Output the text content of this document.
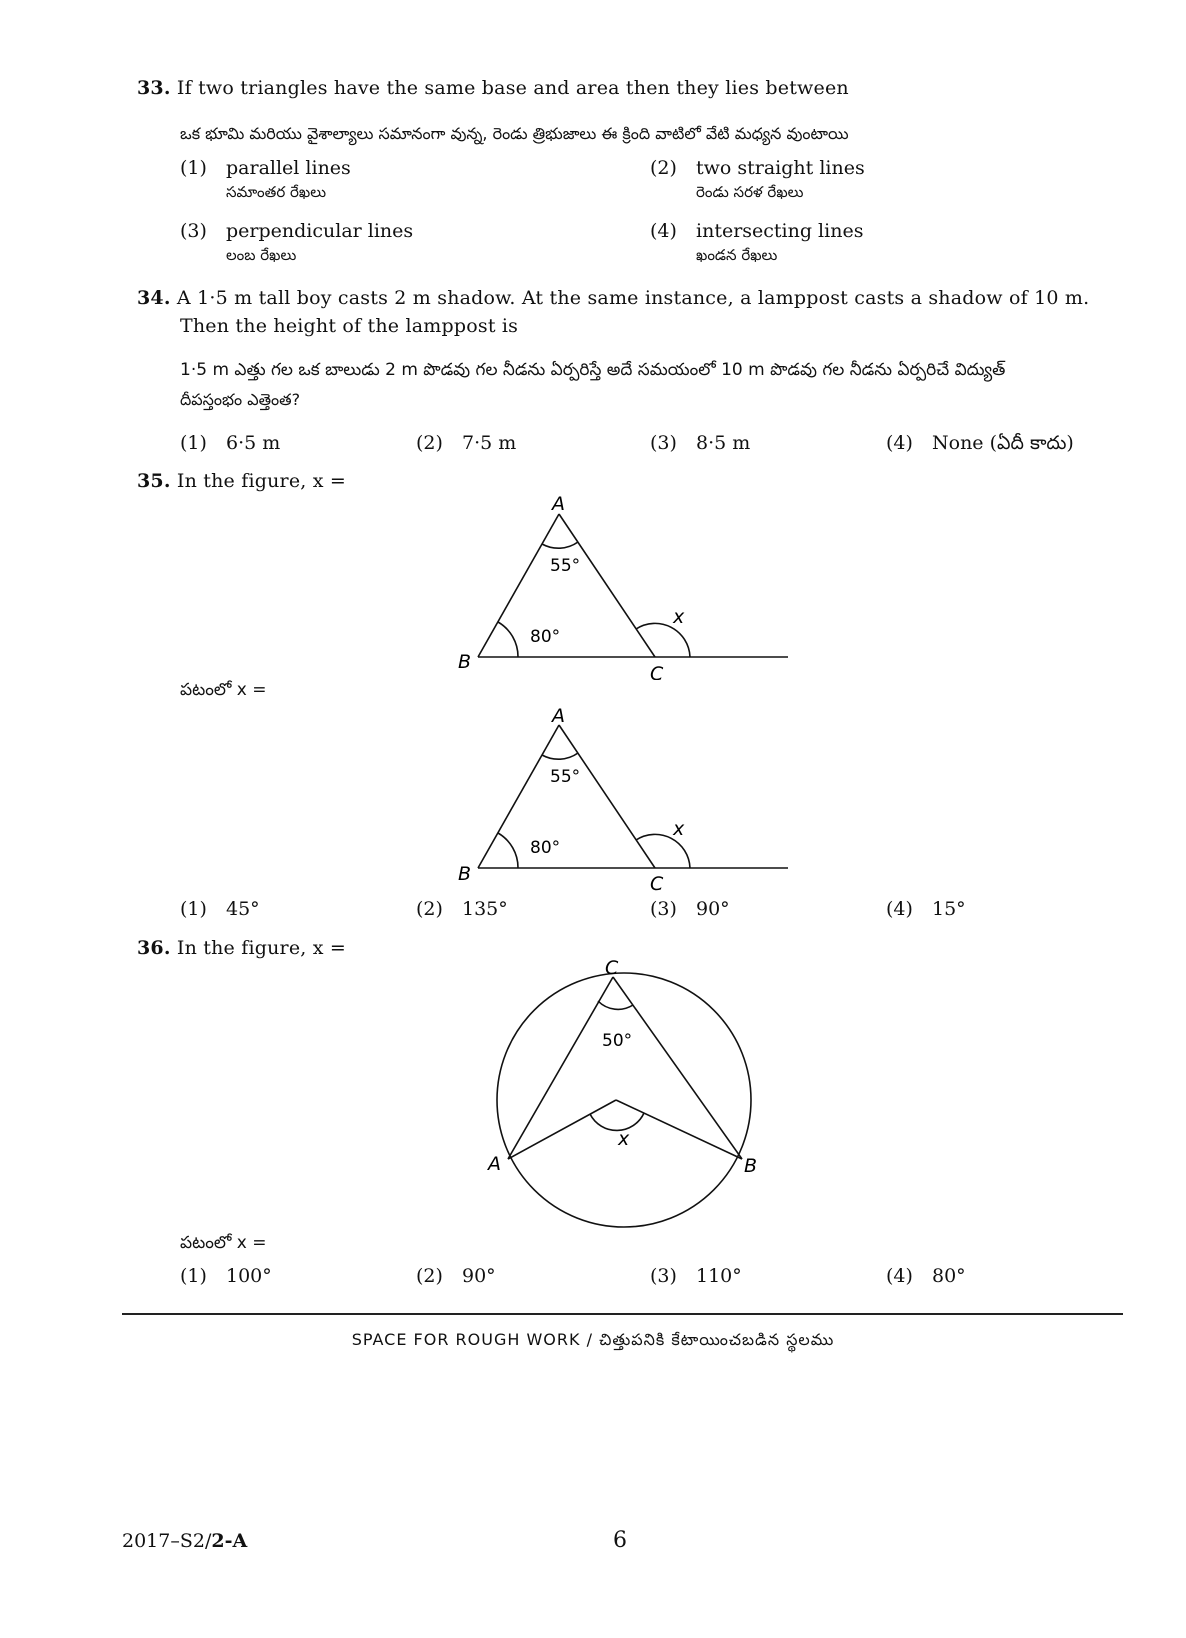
33. If two triangles have the same base and area then they lies between
ఒక భూమి మరియు వైశాల్యాలు సమానంగా వున్న, రెండు త్రిభుజాలు ఈ క్రింది వాటిలో వేటి మధ్యన వుంటాయి
(1) parallel lines
సమాంతర రేఖలు
(2) two straight lines
రెండు సరళ రేఖలు
(3) perpendicular lines
లంబ రేఖలు
(4) intersecting lines
ఖండన రేఖలు
34. A 1·5 m tall boy casts 2 m shadow. At the same instance, a lamppost casts a shadow of 10 m.
Then the height of the lamppost is
1·5 m ఎత్తు గల ఒక బాలుడు 2 m పొడవు గల నీడను ఏర్పరిస్తే అదే సమయంలో 10 m పొడవు గల నీడను ఏర్పరిచే విద్యుత్
దీపస్తంభం ఎత్తెంత?
(1) 6·5 m	(2) 7·5 m	(3) 8·5 m	(4) None (ఏదీ కాదు)
35. In the figure, x =
A
B
C
55°
80°
x
పటంలో x =
A
B	C
55°
80°
x
(1) 45°	(2) 135°	(3) 90°	(4) 15°
36. In the figure, x =
C
A	B
50°
x
పటంలో x =
(1) 100°	(2) 90°	(3) 110°	(4) 80°
SPACE FOR ROUGH WORK / చిత్తుపనికి కేటాయించబడిన స్థలము
2017–S2/2-A	6
